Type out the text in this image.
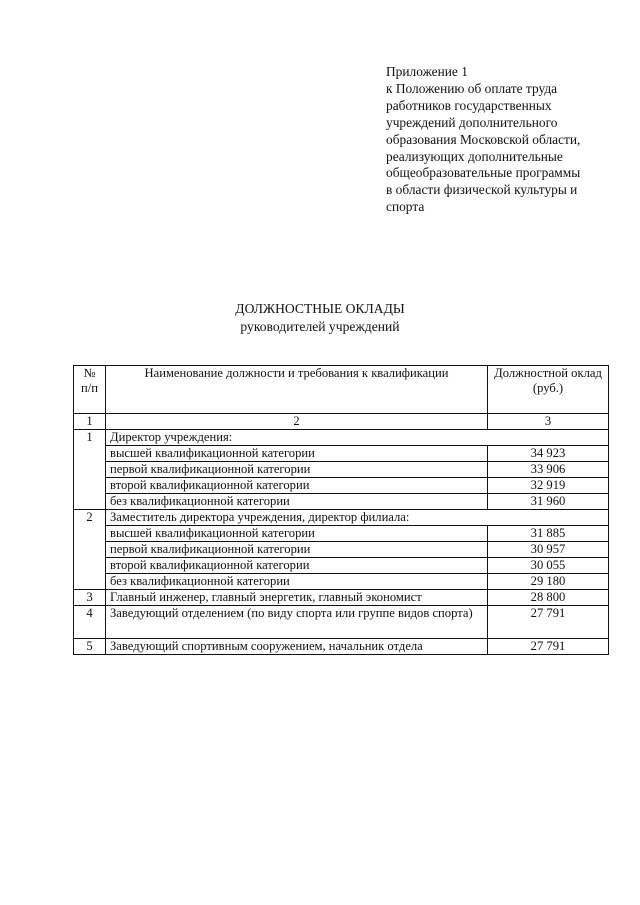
Приложение 1
к Положению об оплате труда
работников государственных
учреждений дополнительного
образования Московской области,
реализующих дополнительные
общеобразовательные программы
в области физической культуры и
спорта
ДОЛЖНОСТНЫЕ ОКЛАДЫ
руководителей учреждений
№ п/п	Наименование должности и требования к квалификации	Должностной оклад (руб.)
1	2	3
1	Директор учреждения:	
	высшей квалификационной категории	34 923
	первой квалификационной категории	33 906
	второй квалификационной категории	32 919
	без квалификационной категории	31 960
2	Заместитель директора учреждения, директор филиала:	
	высшей квалификационной категории	31 885
	первой квалификационной категории	30 957
	второй квалификационной категории	30 055
	без квалификационной категории	29 180
3	Главный инженер, главный энергетик, главный экономист	28 800
4	Заведующий отделением (по виду спорта или группе видов спорта)	27 791
5	Заведующий спортивным сооружением, начальник отдела	27 791
